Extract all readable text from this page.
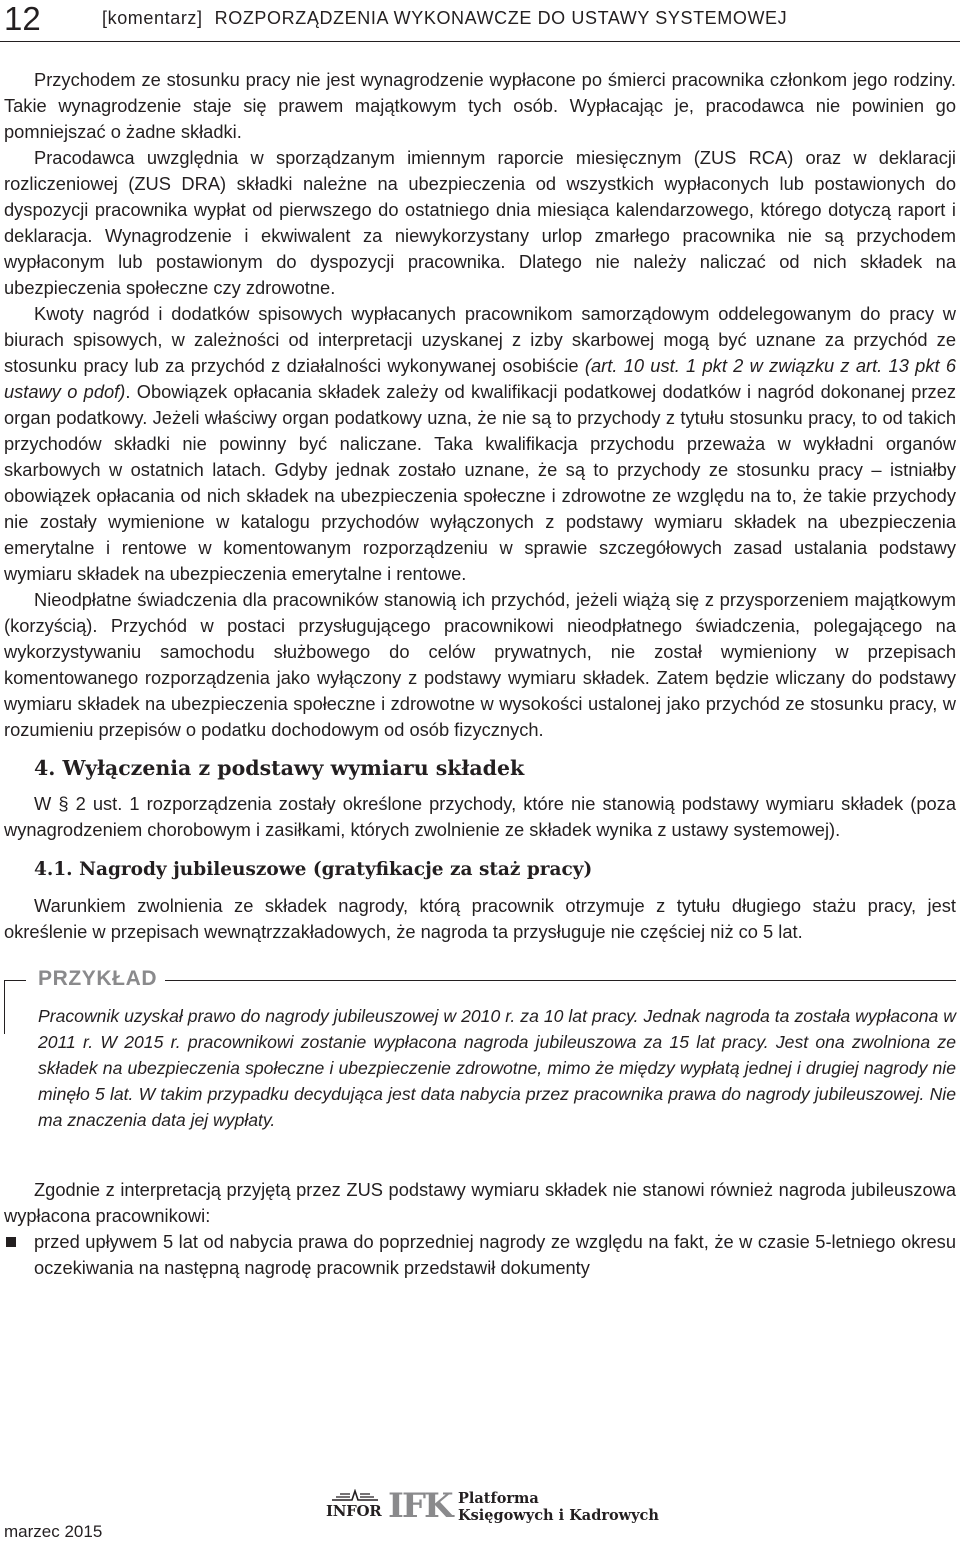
12	[komentarz] ROZPORZĄDZENIA WYKONAWCZE DO USTAWY SYSTEMOWEJ

Przychodem ze stosunku pracy nie jest wynagrodzenie wypłacone po śmierci pracownika członkom jego rodziny. Takie wynagrodzenie staje się prawem majątkowym tych osób. Wypłacając je, pracodawca nie powinien go pomniejszać o żadne składki.

Pracodawca uwzględnia w sporządzanym imiennym raporcie miesięcznym (ZUS RCA) oraz w deklaracji rozliczeniowej (ZUS DRA) składki należne na ubezpieczenia od wszystkich wypłaconych lub postawionych do dyspozycji pracownika wypłat od pierwszego do ostatniego dnia miesiąca kalendarzowego, którego dotyczą raport i deklaracja. Wynagrodzenie i ekwiwalent za niewykorzystany urlop zmarłego pracownika nie są przychodem wypłaconym lub postawionym do dyspozycji pracownika. Dlatego nie należy naliczać od nich składek na ubezpieczenia społeczne czy zdrowotne.

Kwoty nagród i dodatków spisowych wypłacanych pracownikom samorządowym oddelegowanym do pracy w biurach spisowych, w zależności od interpretacji uzyskanej z izby skarbowej mogą być uznane za przychód ze stosunku pracy lub za przychód z działalności wykonywanej osobiście (art. 10 ust. 1 pkt 2 w związku z art. 13 pkt 6 ustawy o pdof). Obowiązek opłacania składek zależy od kwalifikacji podatkowej dodatków i nagród dokonanej przez organ podatkowy. Jeżeli właściwy organ podatkowy uzna, że nie są to przychody z tytułu stosunku pracy, to od takich przychodów składki nie powinny być naliczane. Taka kwalifikacja przychodu przeważa w wykładni organów skarbowych w ostatnich latach. Gdyby jednak zostało uznane, że są to przychody ze stosunku pracy – istniałby obowiązek opłacania od nich składek na ubezpieczenia społeczne i zdrowotne ze względu na to, że takie przychody nie zostały wymienione w katalogu przychodów wyłączonych z podstawy wymiaru składek na ubezpieczenia emerytalne i rentowe w komentowanym rozporządzeniu w sprawie szczegółowych zasad ustalania podstawy wymiaru składek na ubezpieczenia emerytalne i rentowe.

Nieodpłatne świadczenia dla pracowników stanowią ich przychód, jeżeli wiążą się z przysporzeniem majątkowym (korzyścią). Przychód w postaci przysługującego pracownikowi nieodpłatnego świadczenia, polegającego na wykorzystywaniu samochodu służbowego do celów prywatnych, nie został wymieniony w przepisach komentowanego rozporządzenia jako wyłączony z podstawy wymiaru składek. Zatem będzie wliczany do podstawy wymiaru składek na ubezpieczenia społeczne i zdrowotne w wysokości ustalonej jako przychód ze stosunku pracy, w rozumieniu przepisów o podatku dochodowym od osób fizycznych.

4. Wyłączenia z podstawy wymiaru składek

W § 2 ust. 1 rozporządzenia zostały określone przychody, które nie stanowią podstawy wymiaru składek (poza wynagrodzeniem chorobowym i zasiłkami, których zwolnienie ze składek wynika z ustawy systemowej).

4.1. Nagrody jubileuszowe (gratyfikacje za staż pracy)

Warunkiem zwolnienia ze składek nagrody, którą pracownik otrzymuje z tytułu długiego stażu pracy, jest określenie w przepisach wewnątrzzakładowych, że nagroda ta przysługuje nie częściej niż co 5 lat.

PRZYKŁAD
Pracownik uzyskał prawo do nagrody jubileuszowej w 2010 r. za 10 lat pracy. Jednak nagroda ta została wypłacona w 2011 r. W 2015 r. pracownikowi zostanie wypłacona nagroda jubileuszowa za 15 lat pracy. Jest ona zwolniona ze składek na ubezpieczenia społeczne i ubezpieczenie zdrowotne, mimo że między wypłatą jednej i drugiej nagrody nie minęło 5 lat. W takim przypadku decydująca jest data nabycia przez pracownika prawa do nagrody jubileuszowej. Nie ma znaczenia data jej wypłaty.

Zgodnie z interpretacją przyjętą przez ZUS podstawy wymiaru składek nie stanowi również nagroda jubileuszowa wypłacona pracownikowi:

przed upływem 5 lat od nabycia prawa do poprzedniej nagrody ze względu na fakt, że w czasie 5-letniego okresu oczekiwania na następną nagrodę pracownik przedstawił dokumenty
marzec 2015
INFOR IFK Platforma
Księgowych i Kadrowych
